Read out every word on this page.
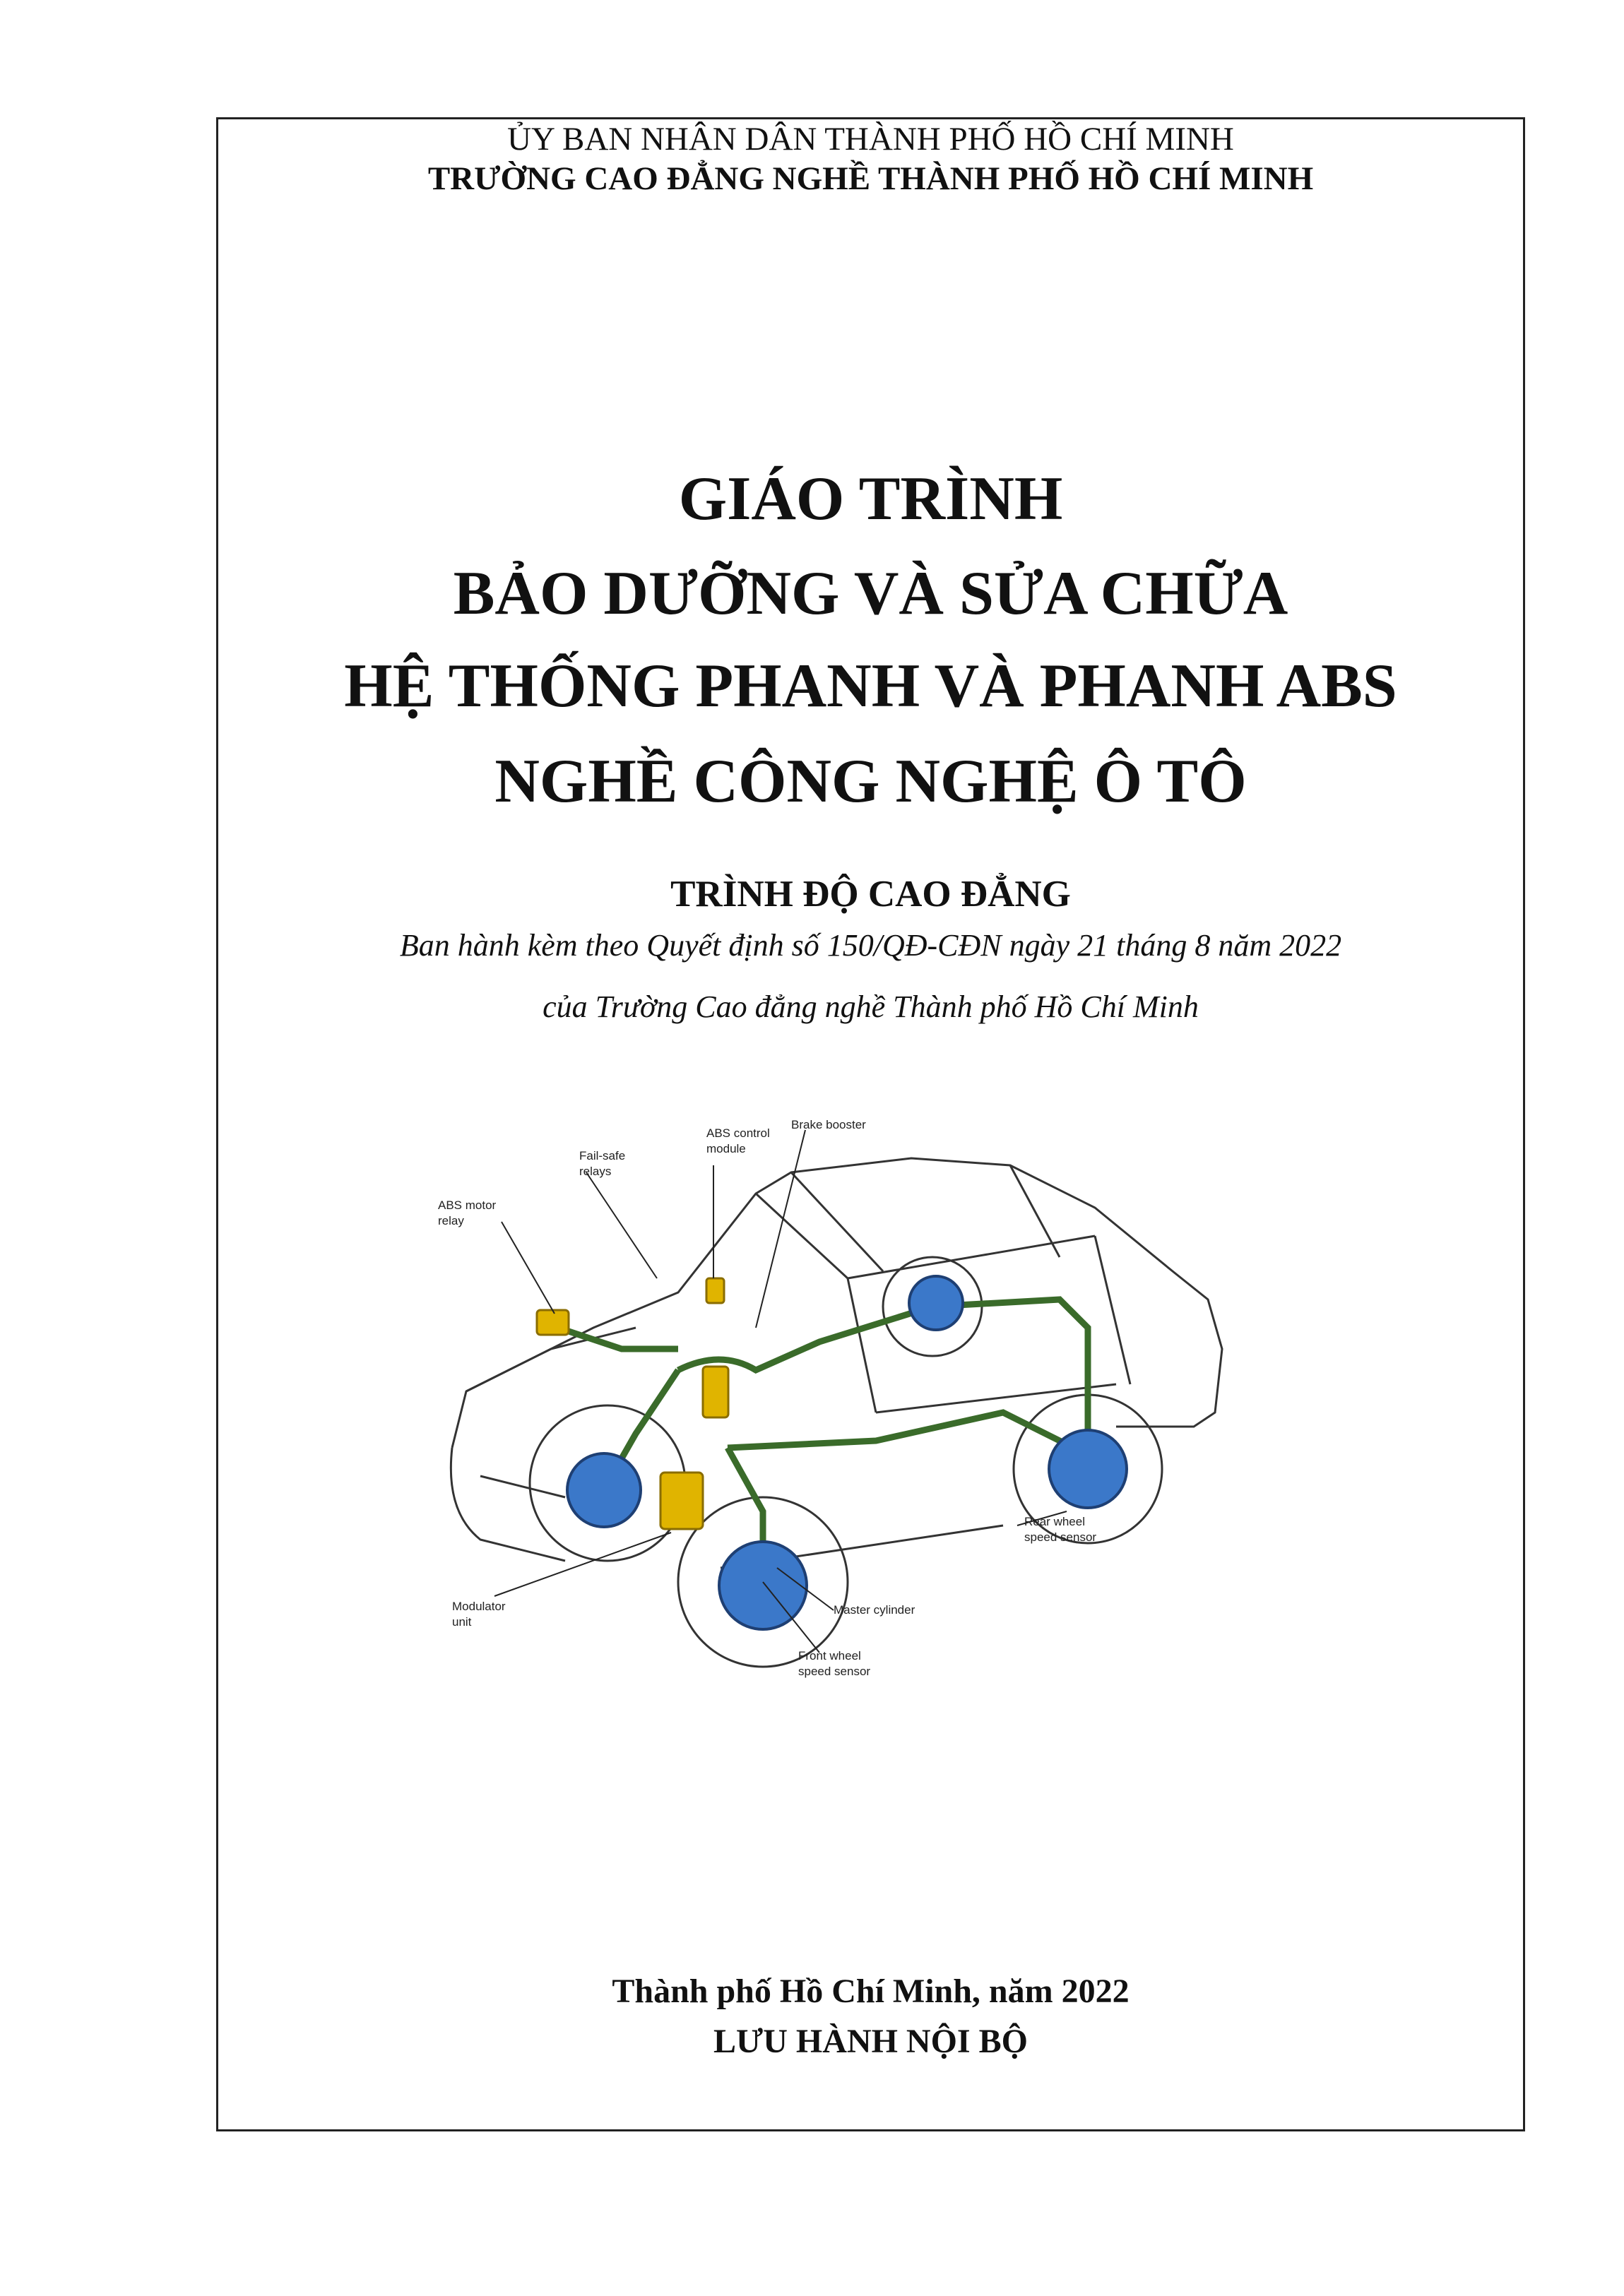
ỦY BAN NHÂN DÂN THÀNH PHỐ HỒ CHÍ MINH
TRƯỜNG CAO ĐẲNG NGHỀ THÀNH PHỐ HỒ CHÍ MINH
GIÁO TRÌNH
BẢO DƯỠNG VÀ SỬA CHỮA
HỆ THỐNG PHANH VÀ PHANH ABS
NGHỀ CÔNG NGHỆ Ô TÔ
TRÌNH ĐỘ CAO ĐẲNG
Ban hành kèm theo Quyết định số 150/QĐ-CĐN ngày 21 tháng 8 năm 2022
của Trường Cao đẳng nghề Thành phố Hồ Chí Minh
ABS control
module
Brake booster
Fail-safe
relays
ABS motor
relay
Rear wheel
speed sensor
Master cylinder
Modulator
unit
Front wheel
speed sensor
Thành phố Hồ Chí Minh, năm 2022
LƯU HÀNH NỘI BỘ
